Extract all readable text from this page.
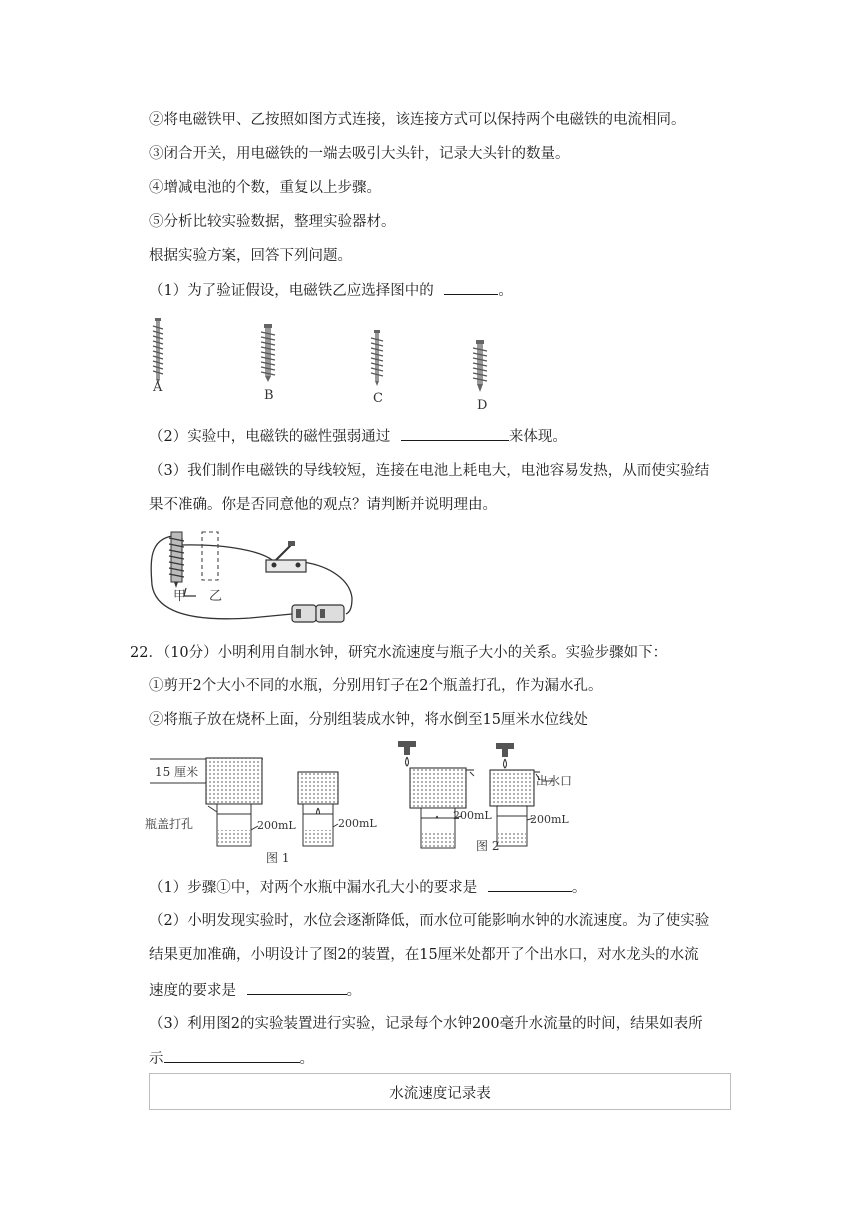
②将电磁铁甲、乙按照如图方式连接，该连接方式可以保持两个电磁铁的电流相同。
③闭合开关，用电磁铁的一端去吸引大头针，记录大头针的数量。
④增减电池的个数，重复以上步骤。
⑤分析比较实验数据，整理实验器材。
根据实验方案，回答下列问题。
（1）为了验证假设，电磁铁乙应选择图中的	。
A
B	C	D
（2）实验中，电磁铁的磁性强弱通过	来体现。
（3）我们制作电磁铁的导线较短，连接在电池上耗电大，电池容易发热，从而使实验结
果不准确。你是否同意他的观点？请判断并说明理由。
甲 乙
22．（10分）小明利用自制水钟，研究水流速度与瓶子大小的关系。实验步骤如下：
①剪开2个大小不同的水瓶，分别用钉子在2个瓶盖打孔，作为漏水孔。
②将瓶子放在烧杯上面，分别组装成水钟，将水倒至15厘米水位线处
15 厘米
瓶盖打孔	200mL	200mL
图 1
200mL
出水口
200mL
图 2
（1）步骤①中，对两个水瓶中漏水孔大小的要求是	。
（2）小明发现实验时，水位会逐渐降低，而水位可能影响水钟的水流速度。为了使实验
结果更加准确，小明设计了图2的装置，在15厘米处都开了个出水口，对水龙头的水流
速度的要求是	。
（3）利用图2的实验装置进行实验，记录每个水钟200毫升水流量的时间，结果如表所
示	。
水流速度记录表
